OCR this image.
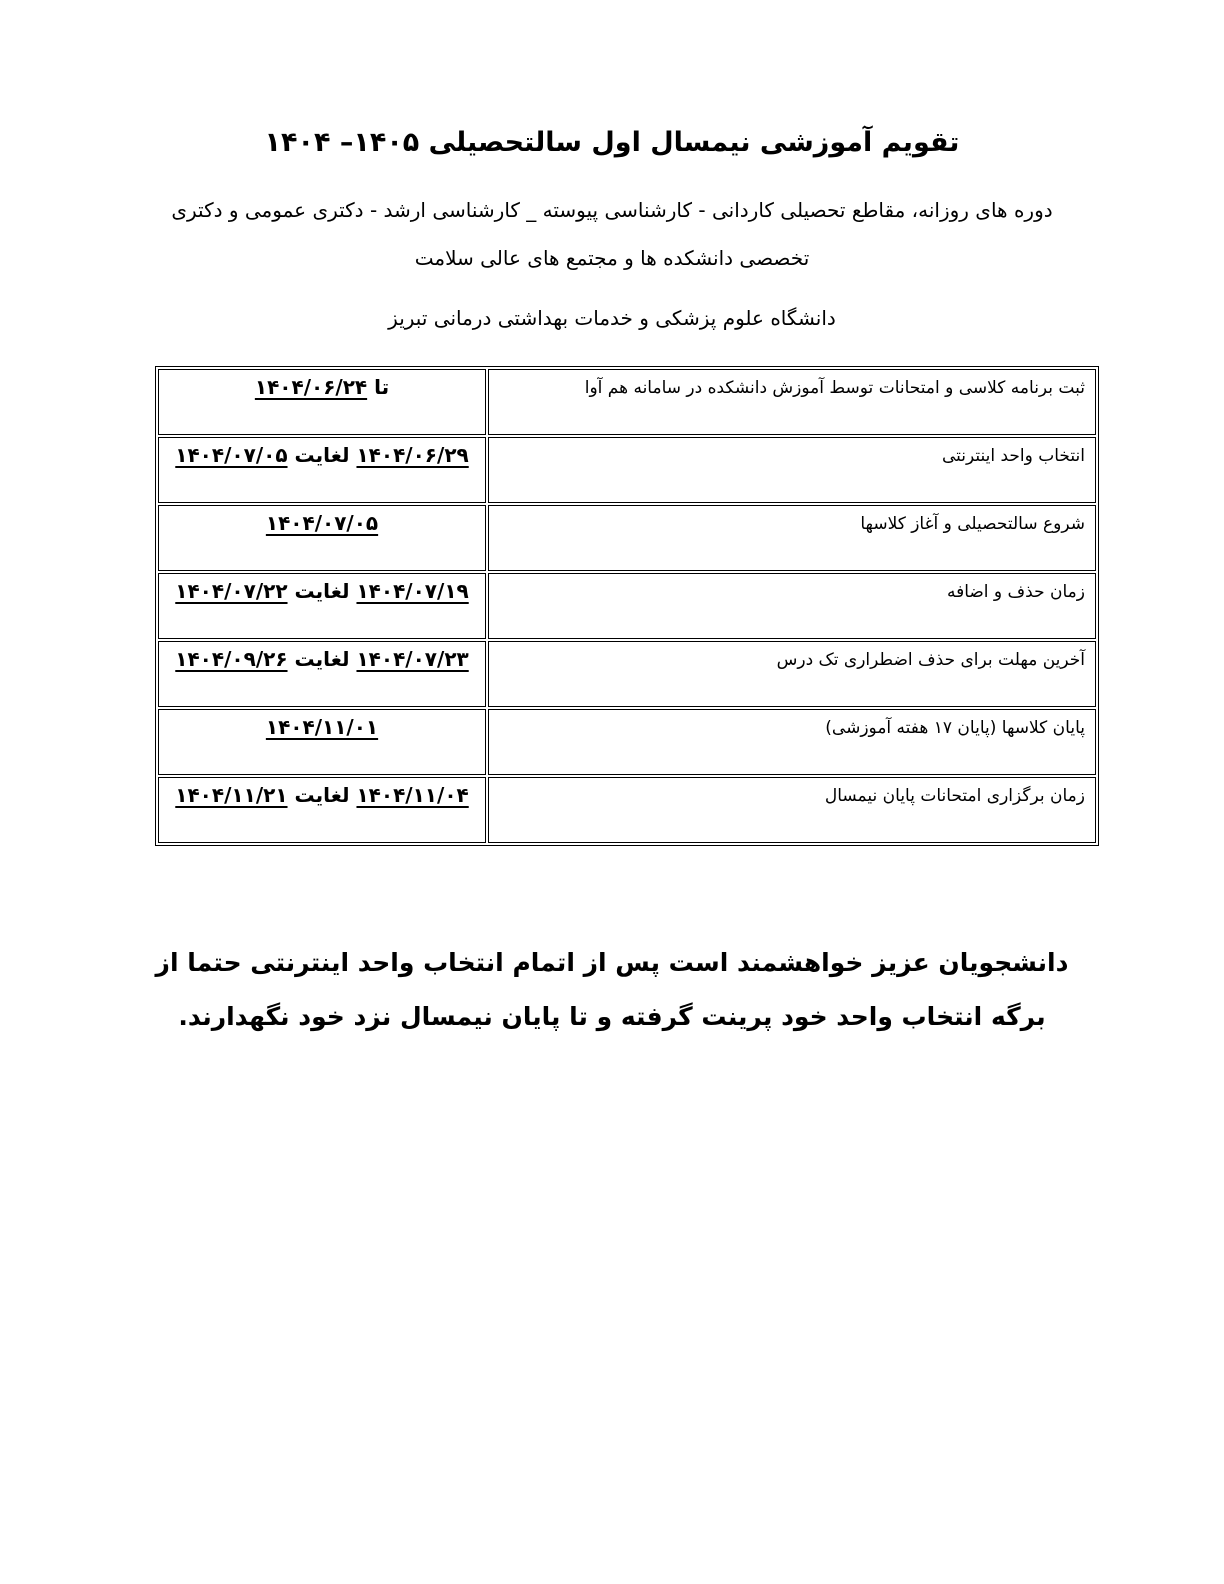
تقویم آموزشی نیمسال اول سالتحصیلی ۱۴۰۵– ۱۴۰۴

دوره های روزانه، مقاطع تحصیلی کاردانی - کارشناسی پیوسته _ کارشناسی ارشد - دکتری عمومی و دکتری تخصصی دانشکده ها و مجتمع های عالی سلامت

دانشگاه علوم پزشکی و خدمات بهداشتی درمانی تبریز

ثبت برنامه کلاسی و امتحانات توسط آموزش دانشکده در سامانه هم آوا	تا ۱۴۰۴/۰۶/۲۴
انتخاب واحد اینترنتی	۱۴۰۴/۰۶/۲۹ لغایت ۱۴۰۴/۰۷/۰۵
شروع سالتحصیلی و آغاز کلاسها	۱۴۰۴/۰۷/۰۵
زمان حذف و اضافه	۱۴۰۴/۰۷/۱۹ لغایت ۱۴۰۴/۰۷/۲۲
آخرین مهلت برای حذف اضطراری تک درس	۱۴۰۴/۰۷/۲۳ لغایت ۱۴۰۴/۰۹/۲۶
پایان کلاسها (پایان ۱۷ هفته آموزشی)	۱۴۰۴/۱۱/۰۱
زمان برگزاری امتحانات پایان نیمسال	۱۴۰۴/۱۱/۰۴ لغایت ۱۴۰۴/۱۱/۲۱

دانشجویان عزیز خواهشمند است پس از اتمام انتخاب واحد اینترنتی حتما از برگه انتخاب واحد خود پرینت گرفته و تا پایان نیمسال نزد خود نگهدارند.
